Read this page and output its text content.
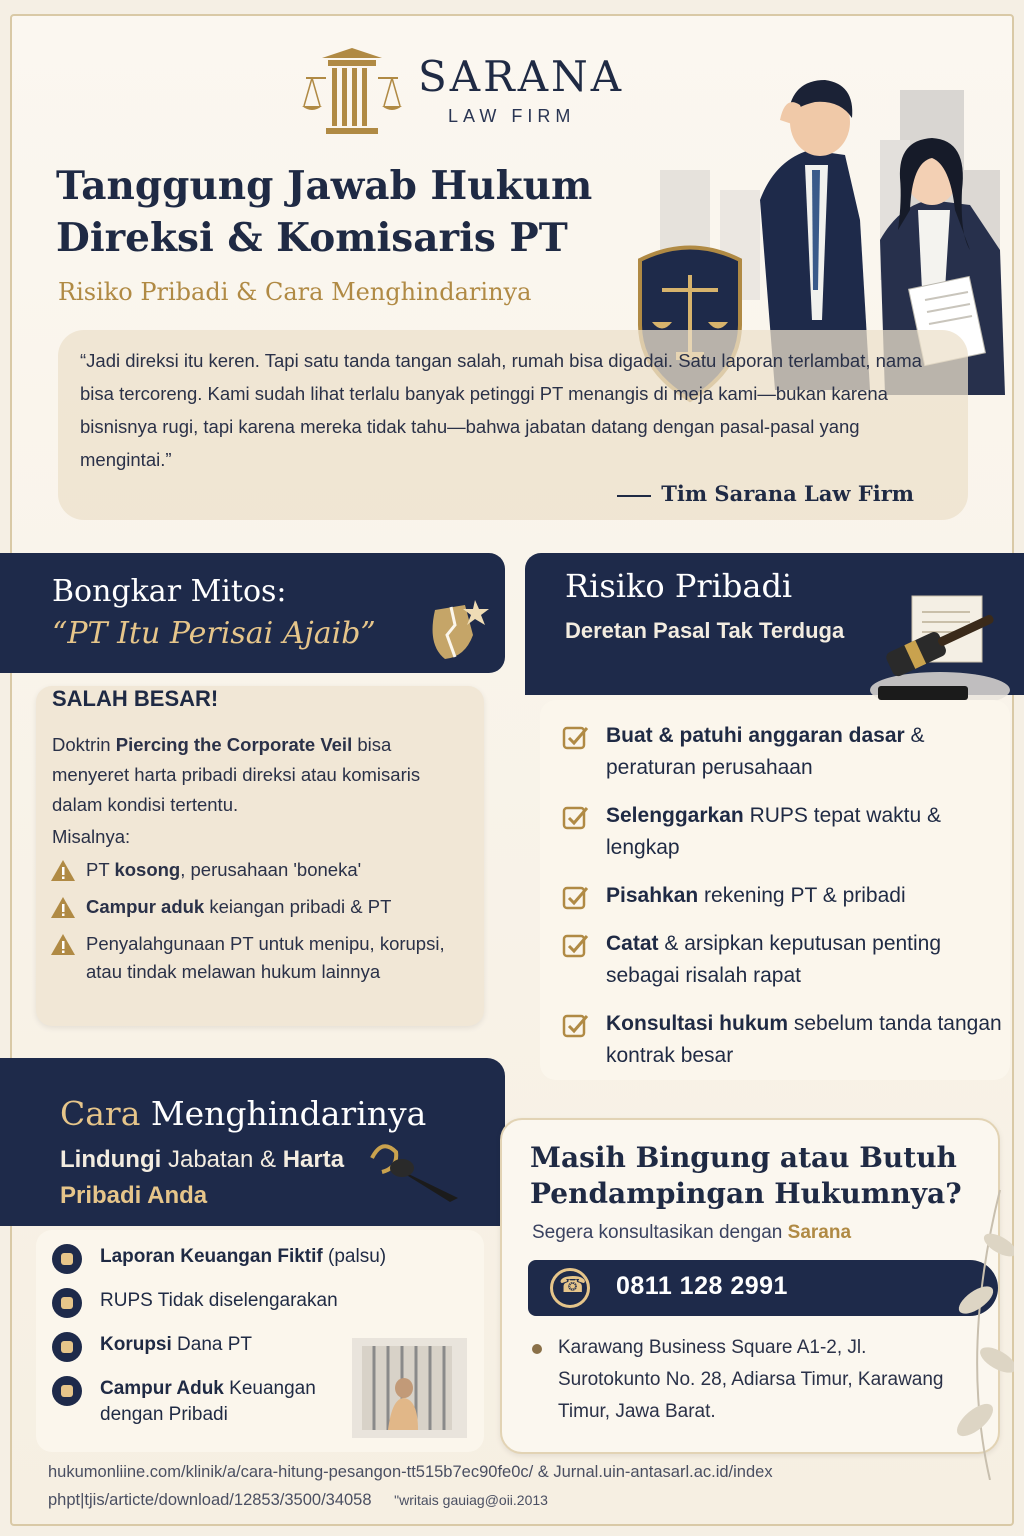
SARANA
LAW FIRM
Tanggung Jawab Hukum
Direksi & Komisaris PT
Risiko Pribadi & Cara Menghindarinya
“Jadi direksi itu keren. Tapi satu tanda tangan salah, rumah bisa digadai. Satu laporan terlambat, nama bisa tercoreng. Kami sudah lihat terlalu banyak petinggi PT menangis di meja kami—bukan karena bisnisnya rugi, tapi karena mereka tidak tahu—bahwa jabatan datang dengan pasal-pasal yang mengintai.”
Tim Sarana Law Firm
Bongkar Mitos:
“PT Itu Perisai Ajaib”
SALAH BESAR!
Doktrin Piercing the Corporate Veil bisa menyeret harta pribadi direksi atau komisaris dalam kondisi tertentu.
Misalnya:
PT kosong, perusahaan 'boneka'
Campur aduk keiangan pribadi & PT
Penyalahgunaan PT untuk menipu, korupsi, atau tindak melawan hukum lainnya
Risiko Pribadi
Deretan Pasal Tak Terduga
Buat & patuhi anggaran dasar & peraturan perusahaan
Selenggarkan RUPS tepat waktu & lengkap
Pisahkan rekening PT & pribadi
Catat & arsipkan keputusan penting sebagai risalah rapat
Konsultasi hukum sebelum tanda tangan kontrak besar
Cara Menghindarinya
Lindungi Jabatan & Harta Pribadi Anda
Laporan Keuangan Fiktif (palsu)
RUPS Tidak diselengarakan
Korupsi Dana PT
Campur Aduk Keuangan dengan Pribadi
Masih Bingung atau Butuh Pendampingan Hukumnya?
Segera konsultasikan dengan Sarana
☎
0811 128 2991
Karawang Business Square A1-2, Jl. Surotokunto No. 28, Adiarsa Timur, Karawang Timur, Jawa Barat.
hukumonliine.com/klinik/a/cara-hitung-pesangon-tt515b7ec90fe0c/ & Jurnal.uin-antasarl.ac.id/index phpt|tjis/articte/download/12853/3500/34058 "writais gauiag@oii.2013
